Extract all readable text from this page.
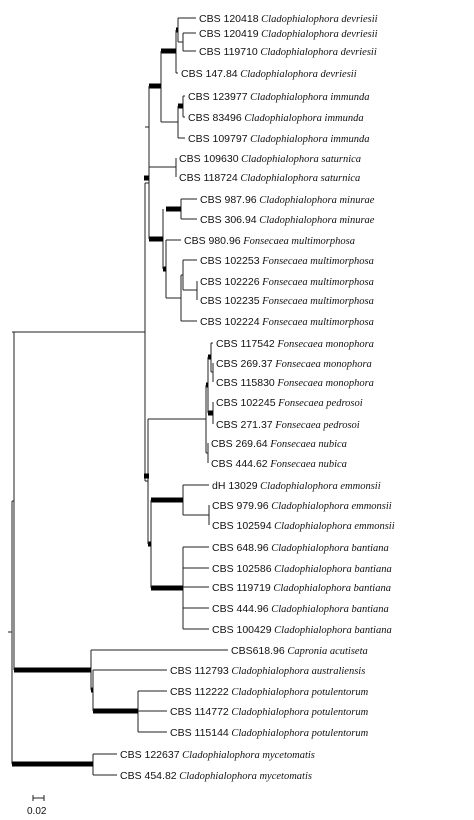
CBS 120418 Cladophialophora devriesii
CBS 120419 Cladophialophora devriesii
CBS 119710 Cladophialophora devriesii
CBS 147.84 Cladophialophora devriesii
CBS 123977 Cladophialophora immunda
CBS 83496 Cladophialophora immunda
CBS 109797 Cladophialophora immunda
CBS 109630 Cladophialophora saturnica
CBS 118724 Cladophialophora saturnica
CBS 987.96 Cladophialophora minurae
CBS 306.94 Cladophialophora minurae
CBS 980.96 Fonsecaea multimorphosa
CBS 102253 Fonsecaea multimorphosa
CBS 102226 Fonsecaea multimorphosa
CBS 102235 Fonsecaea multimorphosa
CBS 102224 Fonsecaea multimorphosa
CBS 117542 Fonsecaea monophora
CBS 269.37 Fonsecaea monophora
CBS 115830 Fonsecaea monophora
CBS 102245 Fonsecaea pedrosoi
CBS 271.37 Fonsecaea pedrosoi
CBS 269.64 Fonsecaea nubica
CBS 444.62 Fonsecaea nubica
dH 13029 Cladophialophora emmonsii
CBS 979.96 Cladophialophora emmonsii
CBS 102594 Cladophialophora emmonsii
CBS 648.96 Cladophialophora bantiana
CBS 102586 Cladophialophora bantiana
CBS 119719 Cladophialophora bantiana
CBS 444.96 Cladophialophora bantiana
CBS 100429 Cladophialophora bantiana
CBS618.96 Capronia acutiseta
CBS 112793 Cladophialophora australiensis
CBS 112222 Cladophialophora potulentorum
CBS 114772 Cladophialophora potulentorum
CBS 115144 Cladophialophora potulentorum
CBS 122637 Cladophialophora mycetomatis
CBS 454.82 Cladophialophora mycetomatis
0.02
